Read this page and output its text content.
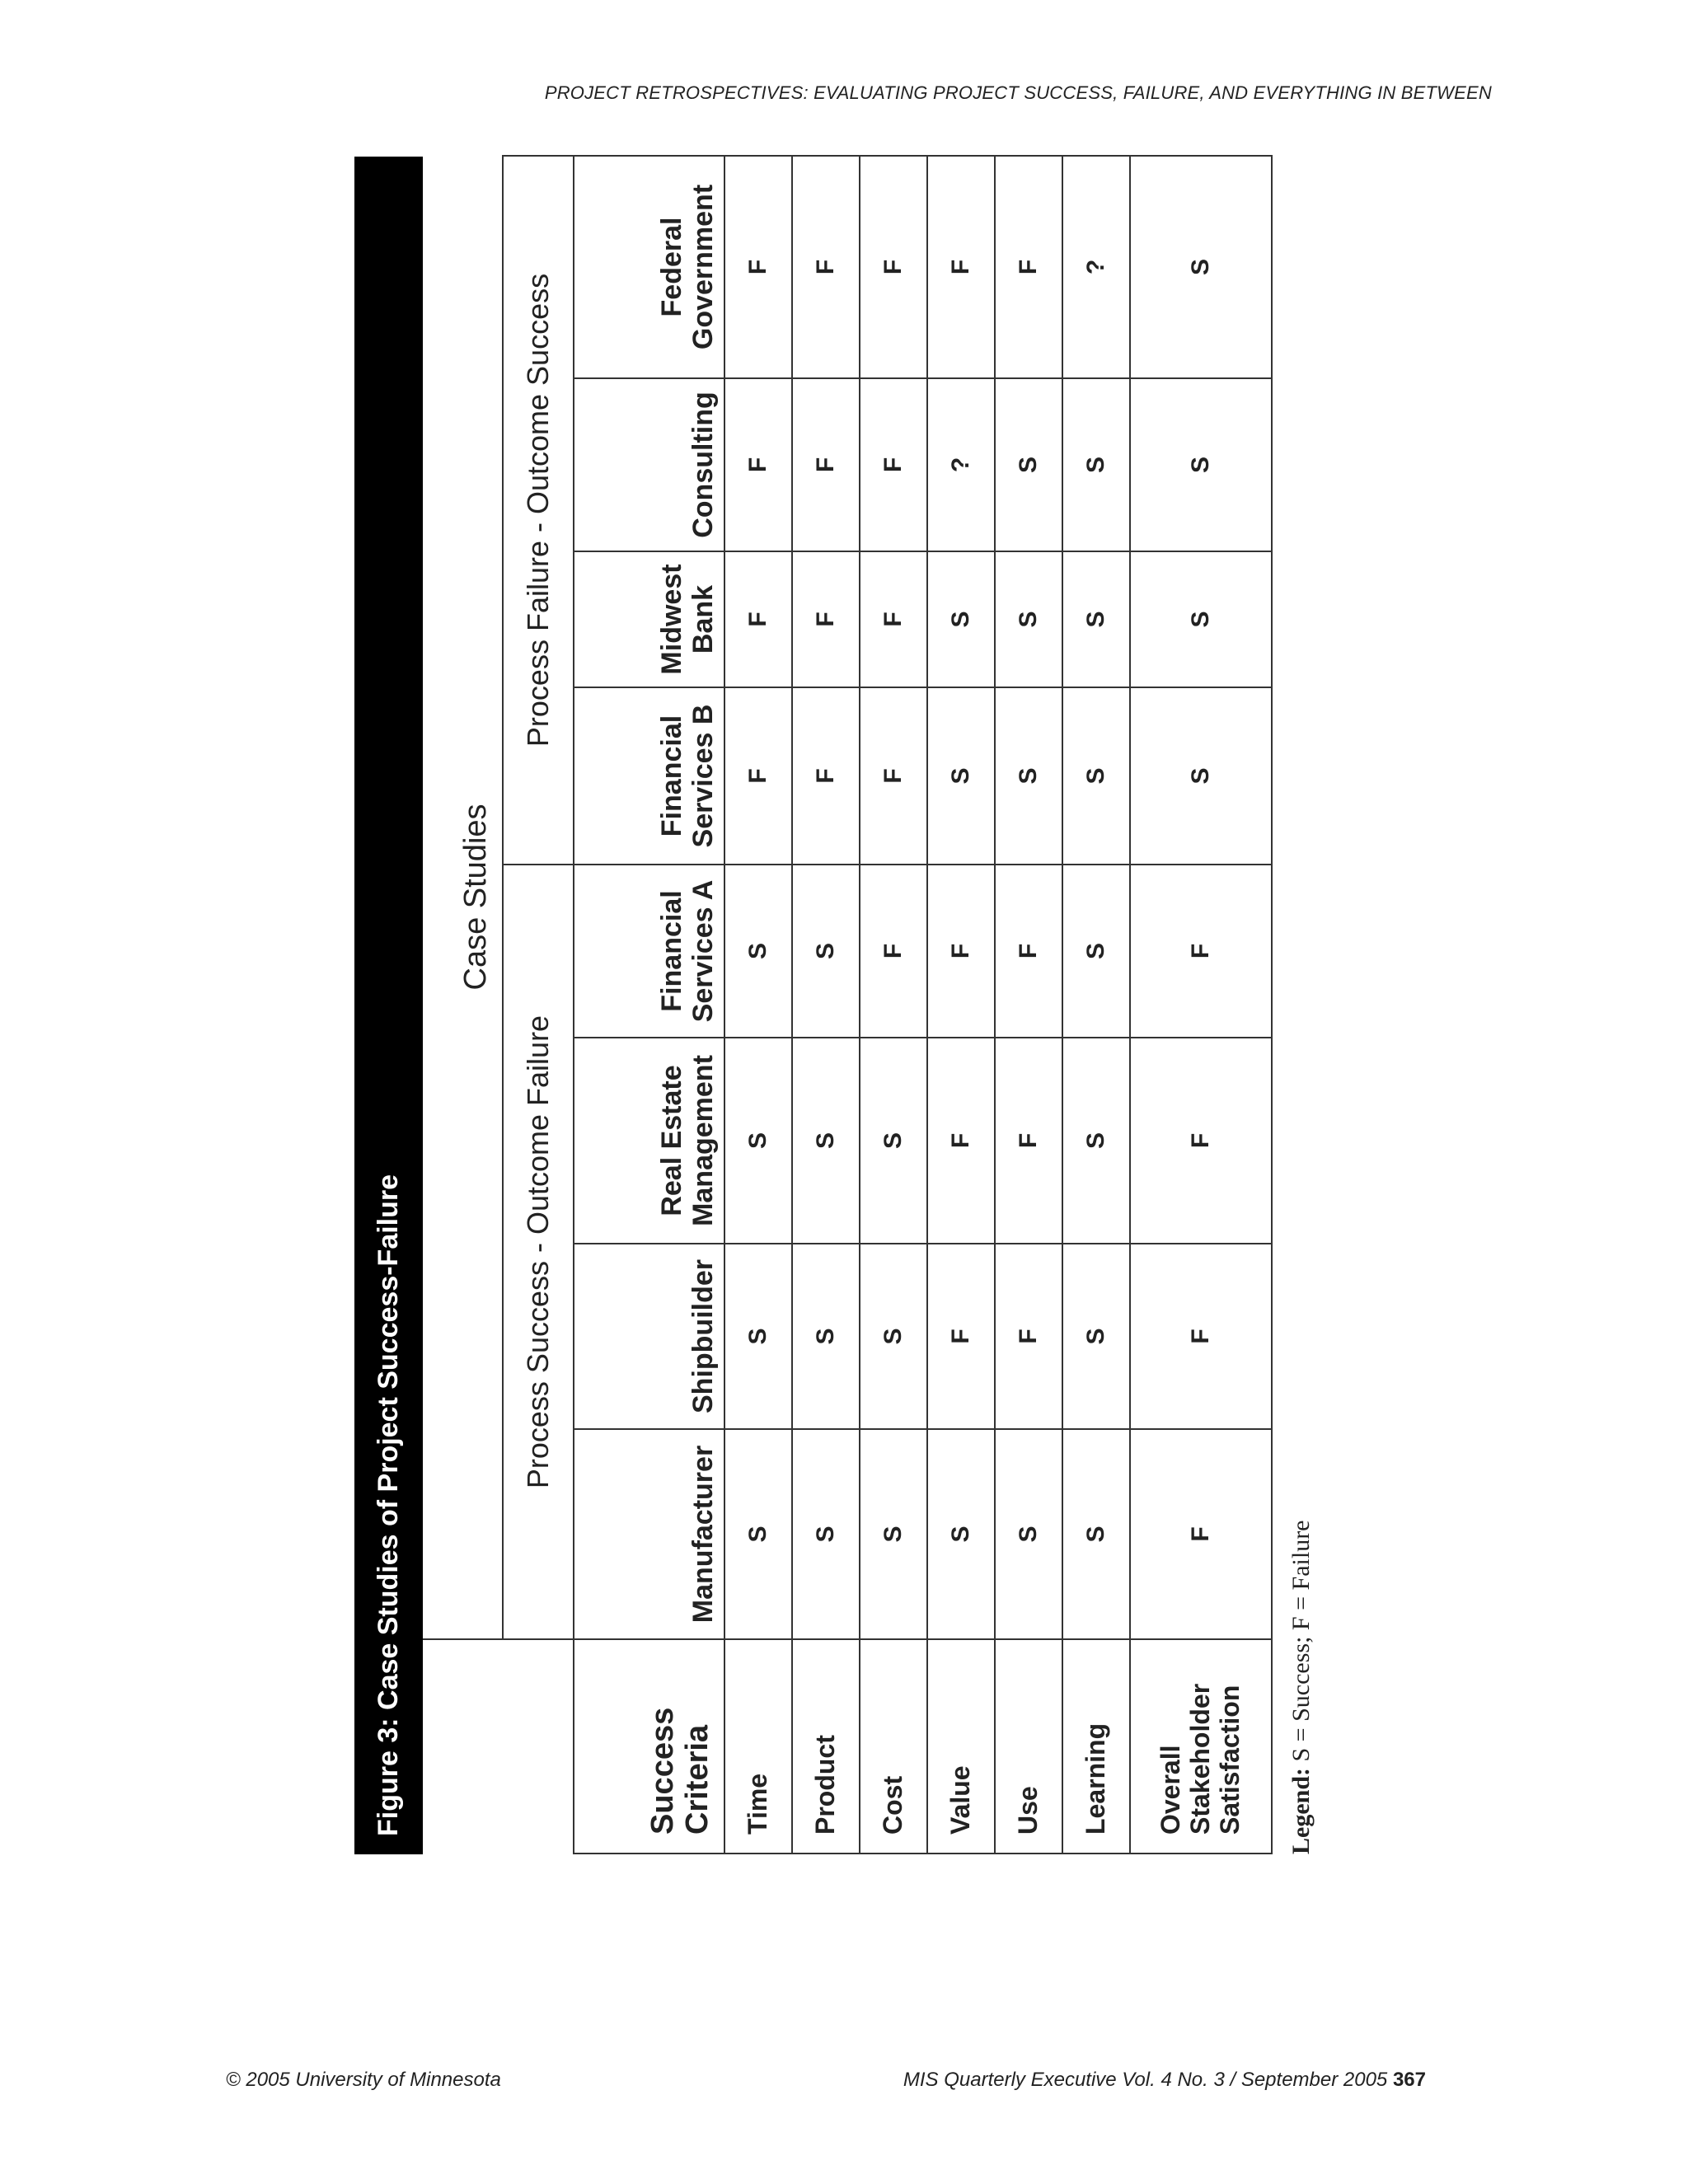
PROJECT RETROSPECTIVES: EVALUATING PROJECT SUCCESS, FAILURE, AND EVERYTHING IN BETWEEN
Figure 3: Case Studies of Project Success-Failure
	Case Studies							
	Process Success - Outcome Failure				Process Failure - Outcome Success			
Success Criteria	Manufacturer	Shipbuilder	Real Estate Management	Financial Services A	Financial Services B	Midwest Bank	Consulting	Federal Government
Time	S	S	S	S	F	F	F	F
Product	S	S	S	S	F	F	F	F
Cost	S	S	S	F	F	F	F	F
Value	S	F	F	F	S	S	?	F
Use	S	F	F	F	S	S	S	F
Learning	S	S	S	S	S	S	S	?
Overall Stakeholder Satisfaction	F	F	F	F	S	S	S	S
Legend: S = Success; F = Failure
© 2005 University of Minnesota	MIS Quarterly Executive Vol. 4 No. 3 / September 2005 367
